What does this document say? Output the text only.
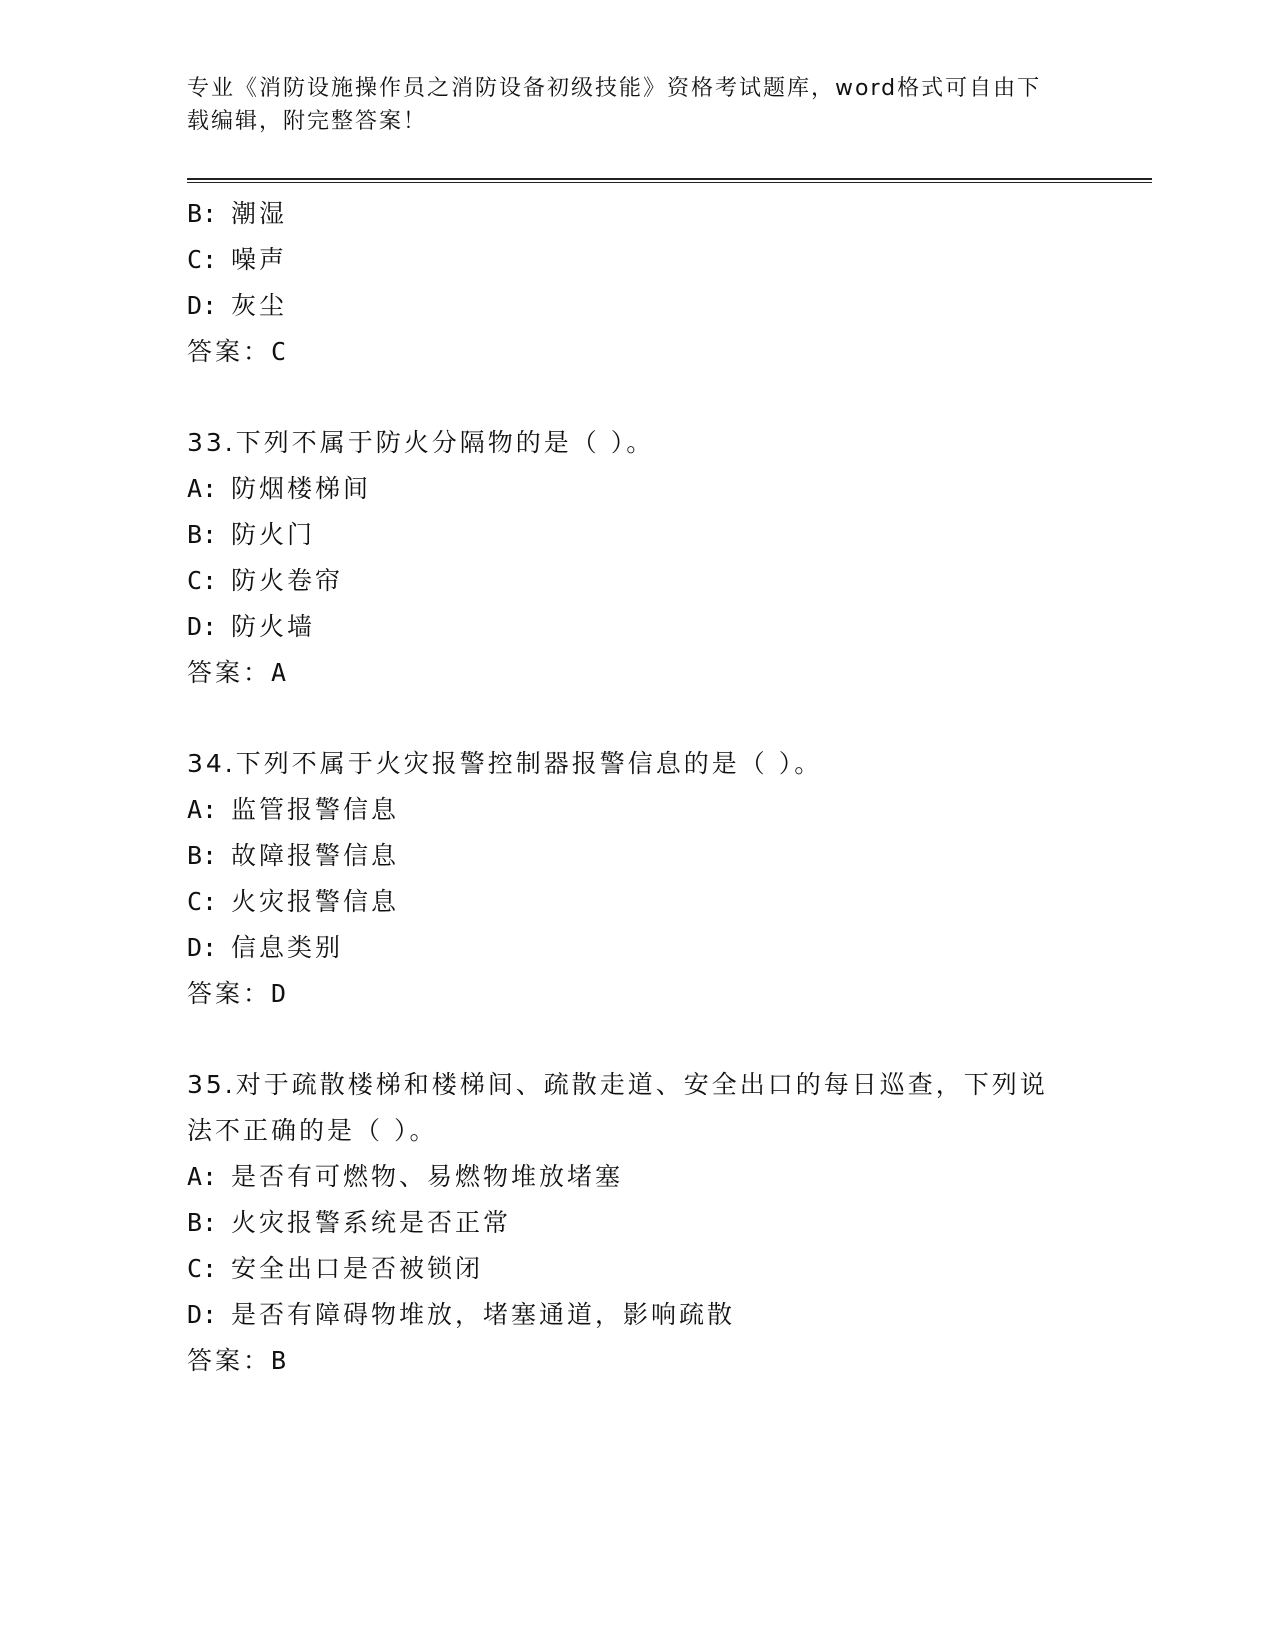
专业《消防设施操作员之消防设备初级技能》资格考试题库，word格式可自由下
载编辑，附完整答案！
B: 潮湿
C: 噪声
D: 灰尘
答案：C
33.下列不属于防火分隔物的是（ ）。
A: 防烟楼梯间
B: 防火门
C: 防火卷帘
D: 防火墙
答案：A
34.下列不属于火灾报警控制器报警信息的是（ ）。
A: 监管报警信息
B: 故障报警信息
C: 火灾报警信息
D: 信息类别
答案：D
35.对于疏散楼梯和楼梯间、疏散走道、安全出口的每日巡查，下列说
法不正确的是（ ）。
A: 是否有可燃物、易燃物堆放堵塞
B: 火灾报警系统是否正常
C: 安全出口是否被锁闭
D: 是否有障碍物堆放，堵塞通道，影响疏散
答案：B
